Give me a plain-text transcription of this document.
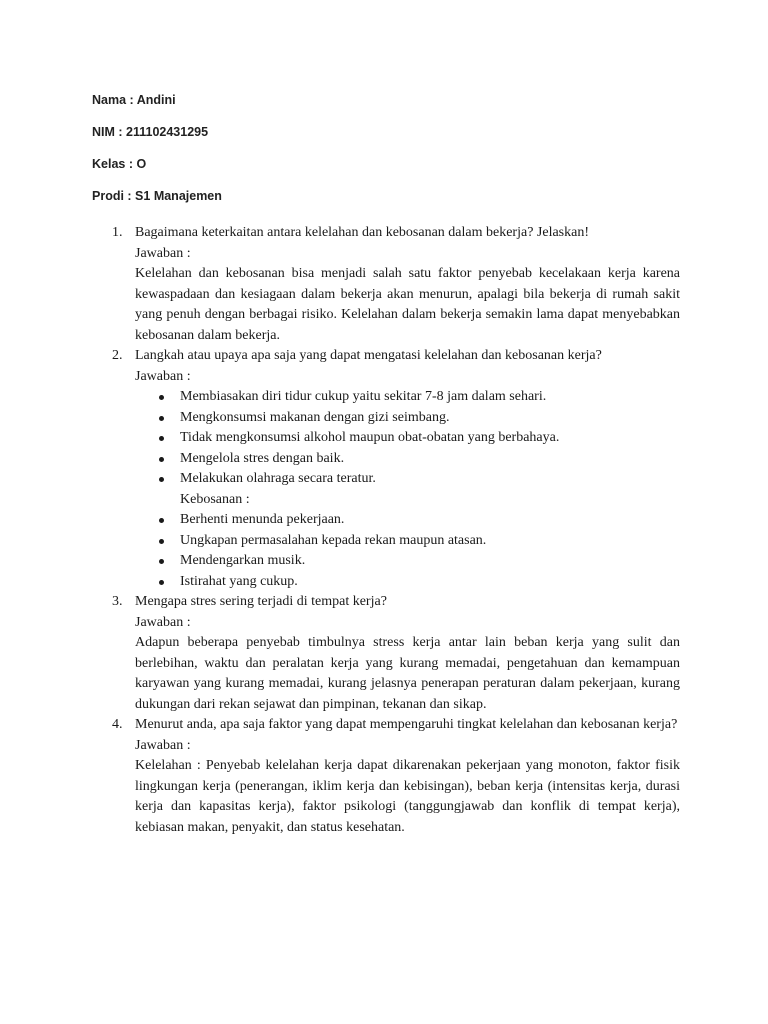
Nama : Andini

NIM : 211102431295

Kelas : O

Prodi : S1 Manajemen

1. Bagaimana keterkaitan antara kelelahan dan kebosanan dalam bekerja? Jelaskan!
Jawaban :
Kelelahan dan kebosanan bisa menjadi salah satu faktor penyebab kecelakaan kerja karena kewaspadaan dan kesiagaan dalam bekerja akan menurun, apalagi bila bekerja di rumah sakit yang penuh dengan berbagai risiko. Kelelahan dalam bekerja semakin lama dapat menyebabkan kebosanan dalam bekerja.
2. Langkah atau upaya apa saja yang dapat mengatasi kelelahan dan kebosanan kerja?
Jawaban :
Membiasakan diri tidur cukup yaitu sekitar 7-8 jam dalam sehari.
Mengkonsumsi makanan dengan gizi seimbang.
Tidak mengkonsumsi alkohol maupun obat-obatan yang berbahaya.
Mengelola stres dengan baik.
Melakukan olahraga secara teratur.
Kebosanan :
Berhenti menunda pekerjaan.
Ungkapan permasalahan kepada rekan maupun atasan.
Mendengarkan musik.
Istirahat yang cukup.
3. Mengapa stres sering terjadi di tempat kerja?
Jawaban :
Adapun beberapa penyebab timbulnya stress kerja antar lain beban kerja yang sulit dan berlebihan, waktu dan peralatan kerja yang kurang memadai, pengetahuan dan kemampuan karyawan yang kurang memadai, kurang jelasnya penerapan peraturan dalam pekerjaan, kurang dukungan dari rekan sejawat dan pimpinan, tekanan dan sikap.
4. Menurut anda, apa saja faktor yang dapat mempengaruhi tingkat kelelahan dan kebosanan kerja?
Jawaban :
Kelelahan : Penyebab kelelahan kerja dapat dikarenakan pekerjaan yang monoton, faktor fisik lingkungan kerja (penerangan, iklim kerja dan kebisingan), beban kerja (intensitas kerja, durasi kerja dan kapasitas kerja), faktor psikologi (tanggungjawab dan konflik di tempat kerja), kebiasan makan, penyakit, dan status kesehatan.
